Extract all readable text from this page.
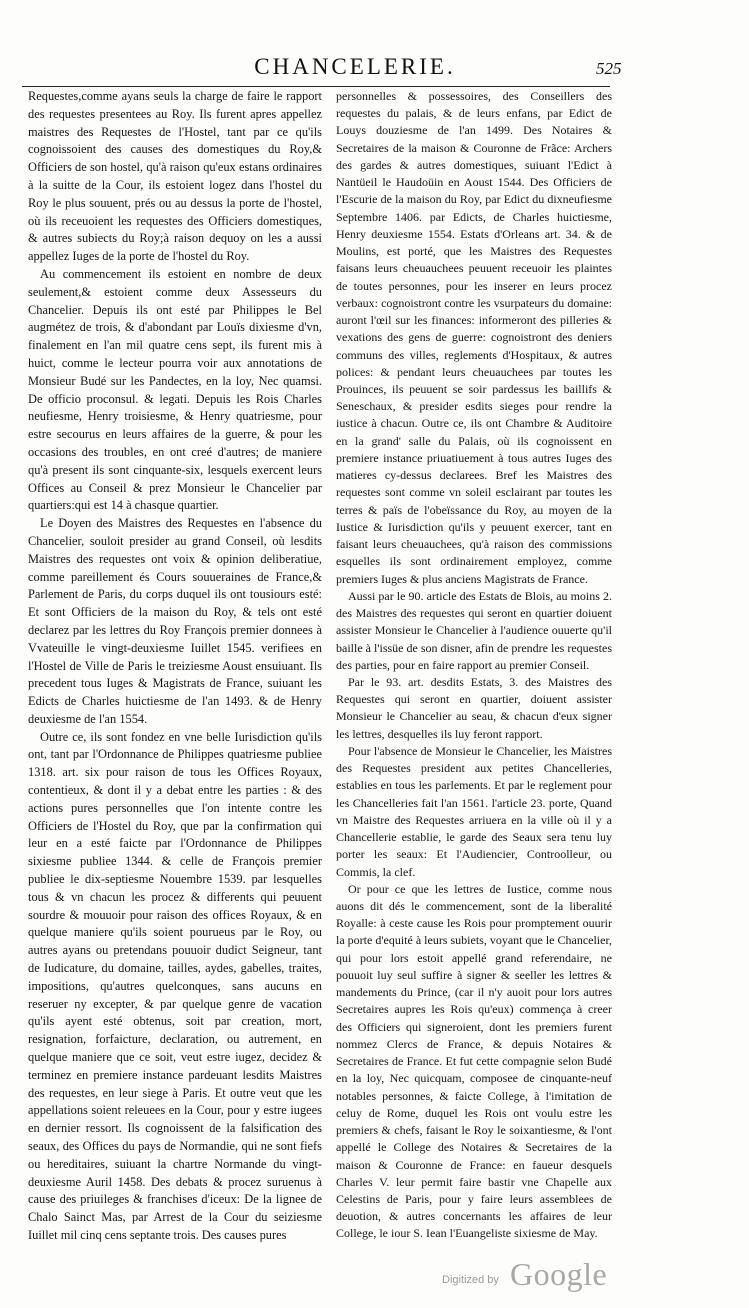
CHANCELERIE.	525

Requestes,comme ayans seuls la charge de faire le rapport des requestes presentees au Roy. Ils furent apres appellez maistres des Requestes de l'Hostel, tant par ce qu'ils cognoissoient des causes des domestiques du Roy,& Officiers de son hostel, qu'à raison qu'eux estans ordinaires à la suitte de la Cour, ils estoient logez dans l'hostel du Roy le plus souuent, prés ou au dessus la porte de l'hostel, où ils receuoient les requestes des Officiers domestiques, & autres subiects du Roy;à raison dequoy on les a aussi appellez Iuges de la porte de l'hostel du Roy.

Au commencement ils estoient en nombre de deux seulement,& estoient comme deux Assesseurs du Chancelier. Depuis ils ont esté par Philippes le Bel augmétez de trois, & d'abondant par Louïs dixiesme d'vn, finalement en l'an mil quatre cens sept, ils furent mis à huict, comme le lecteur pourra voir aux annotations de Monsieur Budé sur les Pandectes, en la loy, Nec quamsi. De officio proconsul. & legati. Depuis les Rois Charles neufiesme, Henry troisiesme, & Henry quatriesme, pour estre secourus en leurs affaires de la guerre, & pour les occasions des troubles, en ont creé d'autres; de maniere qu'à present ils sont cinquante-six, lesquels exercent leurs Offices au Conseil & prez Monsieur le Chancelier par quartiers:qui est 14 à chasque quartier.

Le Doyen des Maistres des Requestes en l'absence du Chancelier, souloit presider au grand Conseil, où lesdits Maistres des requestes ont voix & opinion deliberatiue, comme pareillement és Cours souueraines de France,& Parlement de Paris, du corps duquel ils ont tousiours esté: Et sont Officiers de la maison du Roy, & tels ont esté declarez par les lettres du Roy François premier donnees à Vvateuille le vingt-deuxiesme Iuillet 1545. verifiees en l'Hostel de Ville de Paris le treiziesme Aoust ensuiuant. Ils precedent tous Iuges & Magistrats de France, suiuant les Edicts de Charles huictiesme de l'an 1493. & de Henry deuxiesme de l'an 1554.

Outre ce, ils sont fondez en vne belle Iurisdiction qu'ils ont, tant par l'Ordonnance de Philippes quatriesme publiee 1318. art. six pour raison de tous les Offices Royaux, contentieux, & dont il y a debat entre les parties : & des actions pures personnelles que l'on intente contre les Officiers de l'Hostel du Roy, que par la confirmation qui leur en a esté faicte par l'Ordonnance de Philippes sixiesme publiee 1344. & celle de François premier publiee le dix-septiesme Nouembre 1539. par lesquelles tous & vn chacun les procez & differents qui peuuent sourdre & mouuoir pour raison des offices Royaux, & en quelque maniere qu'ils soient pourueus par le Roy, ou autres ayans ou pretendans pouuoir dudict Seigneur, tant de Iudicature, du domaine, tailles, aydes, gabelles, traites, impositions, qu'autres quelconques, sans aucuns en reseruer ny excepter, & par quelque genre de vacation qu'ils ayent esté obtenus, soit par creation, mort, resignation, forfaicture, declaration, ou autrement, en quelque maniere que ce soit, veut estre iugez, decidez & terminez en premiere instance pardeuant lesdits Maistres des requestes, en leur siege à Paris. Et outre veut que les appellations soient releuees en la Cour, pour y estre iugees en dernier ressort. Ils cognoissent de la falsification des seaux, des Offices du pays de Normandie, qui ne sont fiefs ou hereditaires, suiuant la chartre Normande du vingt-deuxiesme Auril 1458. Des debats & procez suruenus à cause des priuileges & franchises d'iceux: De la lignee de Chalo Sainct Mas, par Arrest de la Cour du seiziesme Iuillet mil cinq cens septante trois. Des causes pures

personnelles & possessoires, des Conseillers des requestes du palais, & de leurs enfans, par Edict de Louys douziesme de l'an 1499. Des Notaires & Secretaires de la maison & Couronne de Frãce: Archers des gardes & autres domestiques, suiuant l'Edict à Nantüeil le Haudoüin en Aoust 1544. Des Officiers de l'Escurie de la maison du Roy, par Edict du dixneufiesme Septembre 1406. par Edicts, de Charles huictiesme, Henry deuxiesme 1554. Estats d'Orleans art. 34. & de Moulins, est porté, que les Maistres des Requestes faisans leurs cheuauchees peuuent receuoir les plaintes de toutes personnes, pour les inserer en leurs procez verbaux: cognoistront contre les vsurpateurs du domaine: auront l'œil sur les finances: informeront des pilleries & vexations des gens de guerre: cognoistront des deniers communs des villes, reglements d'Hospitaux, & autres polices: & pendant leurs cheuauchees par toutes les Prouinces, ils peuuent se soir pardessus les baillifs & Seneschaux, & presider esdits sieges pour rendre la iustice à chacun. Outre ce, ils ont Chambre & Auditoire en la grand' salle du Palais, où ils cognoissent en premiere instance priuatiuement à tous autres Iuges des matieres cy-dessus declarees. Bref les Maistres des requestes sont comme vn soleil esclairant par toutes les terres & païs de l'obeïssance du Roy, au moyen de la Iustice & Iurisdiction qu'ils y peuuent exercer, tant en faisant leurs cheuauchees, qu'à raison des commissions esquelles ils sont ordinairement employez, comme premiers Iuges & plus anciens Magistrats de France.

Aussi par le 90. article des Estats de Blois, au moins 2. des Maistres des requestes qui seront en quartier doiuent assister Monsieur le Chancelier à l'audience ouuerte qu'il baille à l'issüe de son disner, afin de prendre les requestes des parties, pour en faire rapport au premier Conseil.

Par le 93. art. desdits Estats, 3. des Maistres des Requestes qui seront en quartier, doiuent assister Monsieur le Chancelier au seau, & chacun d'eux signer les lettres, desquelles ils luy feront rapport.

Pour l'absence de Monsieur le Chancelier, les Maistres des Requestes president aux petites Chancelleries, establies en tous les parlements. Et par le reglement pour les Chancelleries fait l'an 1561. l'article 23. porte, Quand vn Maistre des Requestes arriuera en la ville où il y a Chancellerie establie, le garde des Seaux sera tenu luy porter les seaux: Et l'Audiencier, Controolleur, ou Commis, la clef.

Or pour ce que les lettres de Iustice, comme nous auons dit dés le commencement, sont de la liberalité Royalle: à ceste cause les Rois pour promptement ouurir la porte d'equité à leurs subiets, voyant que le Chancelier, qui pour lors estoit appellé grand referendaire, ne pouuoit luy seul suffire à signer & seeller les lettres & mandements du Prince, (car il n'y auoit pour lors autres Secretaires aupres les Rois qu'eux) commença à creer des Officiers qui signeroient, dont les premiers furent nommez Clercs de France, & depuis Notaires & Secretaires de France. Et fut cette compagnie selon Budé en la loy, Nec quicquam, composee de cinquante-neuf notables personnes, & faicte College, à l'imitation de celuy de Rome, duquel les Rois ont voulu estre les premiers & chefs, faisant le Roy le soixantiesme, & l'ont appellé le College des Notaires & Secretaires de la maison & Couronne de France: en faueur desquels Charles V. leur permit faire bastir vne Chapelle aux Celestins de Paris, pour y faire leurs assemblees de deuotion, & autres concernants les affaires de leur College, le iour S. Iean l'Euangeliste sixiesme de May.

Digitized by Google
